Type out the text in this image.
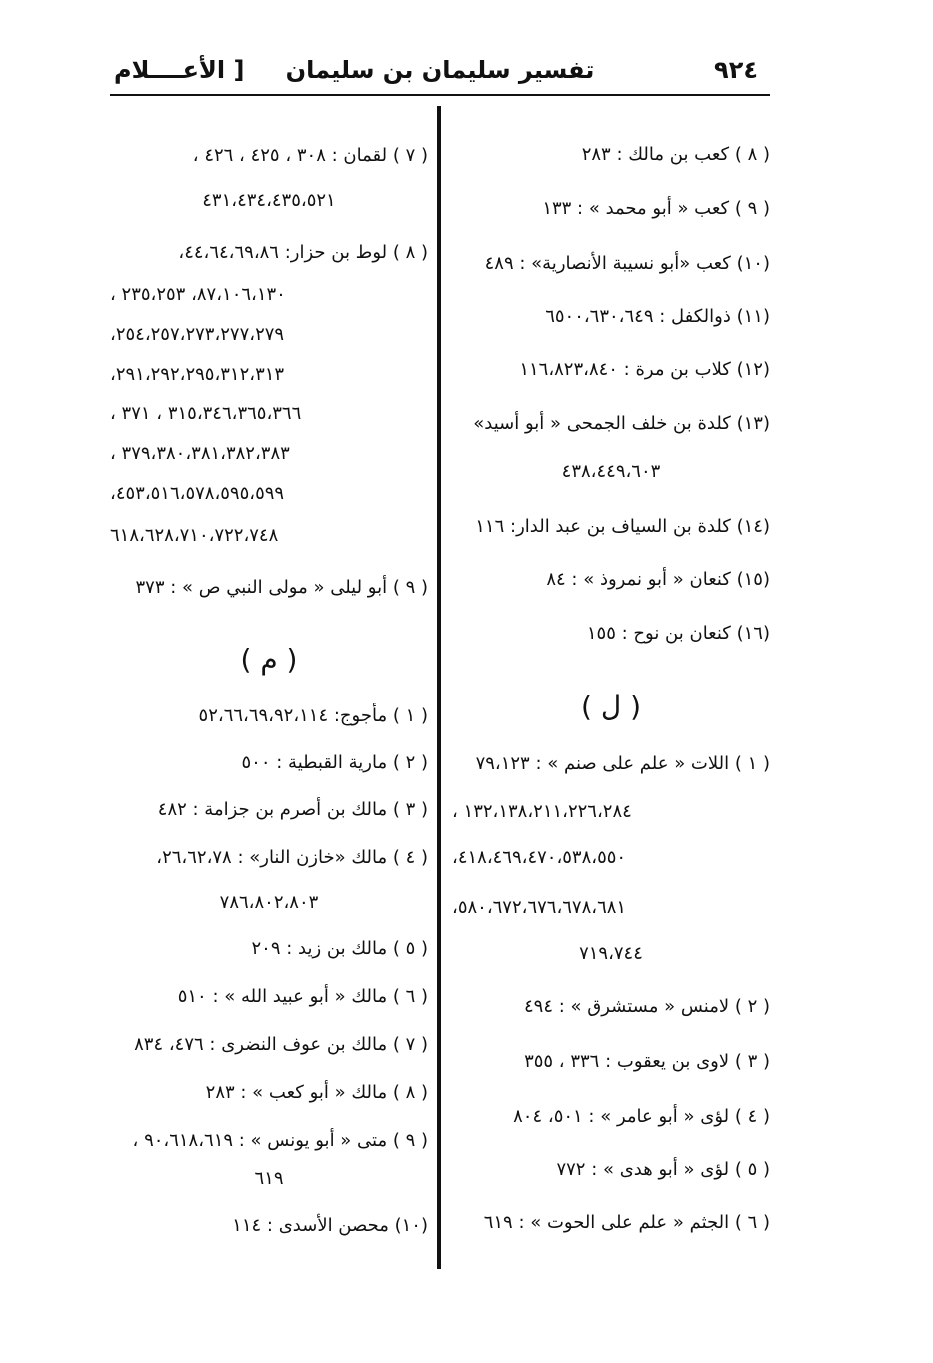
٩٢٤
تفسير سليمان بن سليمان
[ الأعــــلام
( ٨ ) كعب بن مالك : ٢٨٣
( ٩ ) كعب « أبو محمد » : ١٣٣
(١٠) كعب «أبو نسيبة الأنصارية» : ٤٨٩
(١١) ذوالكفل : ٦٥٠٠،٦٣٠،٦٤٩
(١٢) كلاب بن مرة : ١١٦،٨٢٣،٨٤٠
(١٣) كلدة بن خلف الجمحى « أبو أسيد»
٤٣٨،٤٤٩،٦٠٣
(١٤) كلدة بن السياف بن عبد الدار: ١١٦
(١٥) كنعان « أبو نمروذ » : ٨٤
(١٦) كنعان بن نوح : ١٥٥
( ل )
( ١ ) اللات « علم على صنم » : ٧٩،١٢٣
١٣٢،١٣٨،٢١١،٢٢٦،٢٨٤ ،
٤١٨،٤٦٩،٤٧٠،٥٣٨،٥٥٠،
٥٨٠،٦٧٢،٦٧٦،٦٧٨،٦٨١،
٧١٩،٧٤٤
( ٢ ) لامنس « مستشرق » : ٤٩٤
( ٣ ) لاوى بن يعقوب : ٣٣٦ ، ٣٥٥
( ٤ ) لؤى « أبو عامر » : ٥٠١، ٨٠٤
( ٥ ) لؤى « أبو هدى » : ٧٧٢
( ٦ ) الجثم « علم على الحوت » : ٦١٩
( ٧ ) لقمان : ٣٠٨ ، ٤٢٥ ، ٤٢٦ ،
٤٣١،٤٣٤،٤٣٥،٥٢١
( ٨ ) لوط بن حزار: ٤٤،٦٤،٦٩،٨٦،
٨٧،١٠٦،١٣٠، ٢٣٥،٢٥٣ ،
٢٥٤،٢٥٧،٢٧٣،٢٧٧،٢٧٩،
٢٩١،٢٩٢،٢٩٥،٣١٢،٣١٣،
٣١٥،٣٤٦،٣٦٥،٣٦٦ ، ٣٧١ ،
٣٧٩،٣٨٠،٣٨١،٣٨٢،٣٨٣ ،
٤٥٣،٥١٦،٥٧٨،٥٩٥،٥٩٩،
٦١٨،٦٢٨،٧١٠،٧٢٢،٧٤٨
( ٩ ) أبو ليلى « مولى النبي ص » : ٣٧٣
( م )
( ١ ) مأجوج: ٥٢،٦٦،٦٩،٩٢،١١٤
( ٢ ) مارية القبطية : ٥٠٠
( ٣ ) مالك بن أصرم بن جزامة : ٤٨٢
( ٤ ) مالك «خازن النار» : ٢٦،٦٢،٧٨،
٧٨٦،٨٠٢،٨٠٣
( ٥ ) مالك بن زيد : ٢٠٩
( ٦ ) مالك « أبو عبيد الله » : ٥١٠
( ٧ ) مالك بن عوف النضرى : ٤٧٦، ٨٣٤
( ٨ ) مالك « أبو كعب » : ٢٨٣
( ٩ ) متى « أبو يونس » : ٩٠،٦١٨،٦١٩ ،
٦١٩
(١٠) محصن الأسدى : ١١٤
